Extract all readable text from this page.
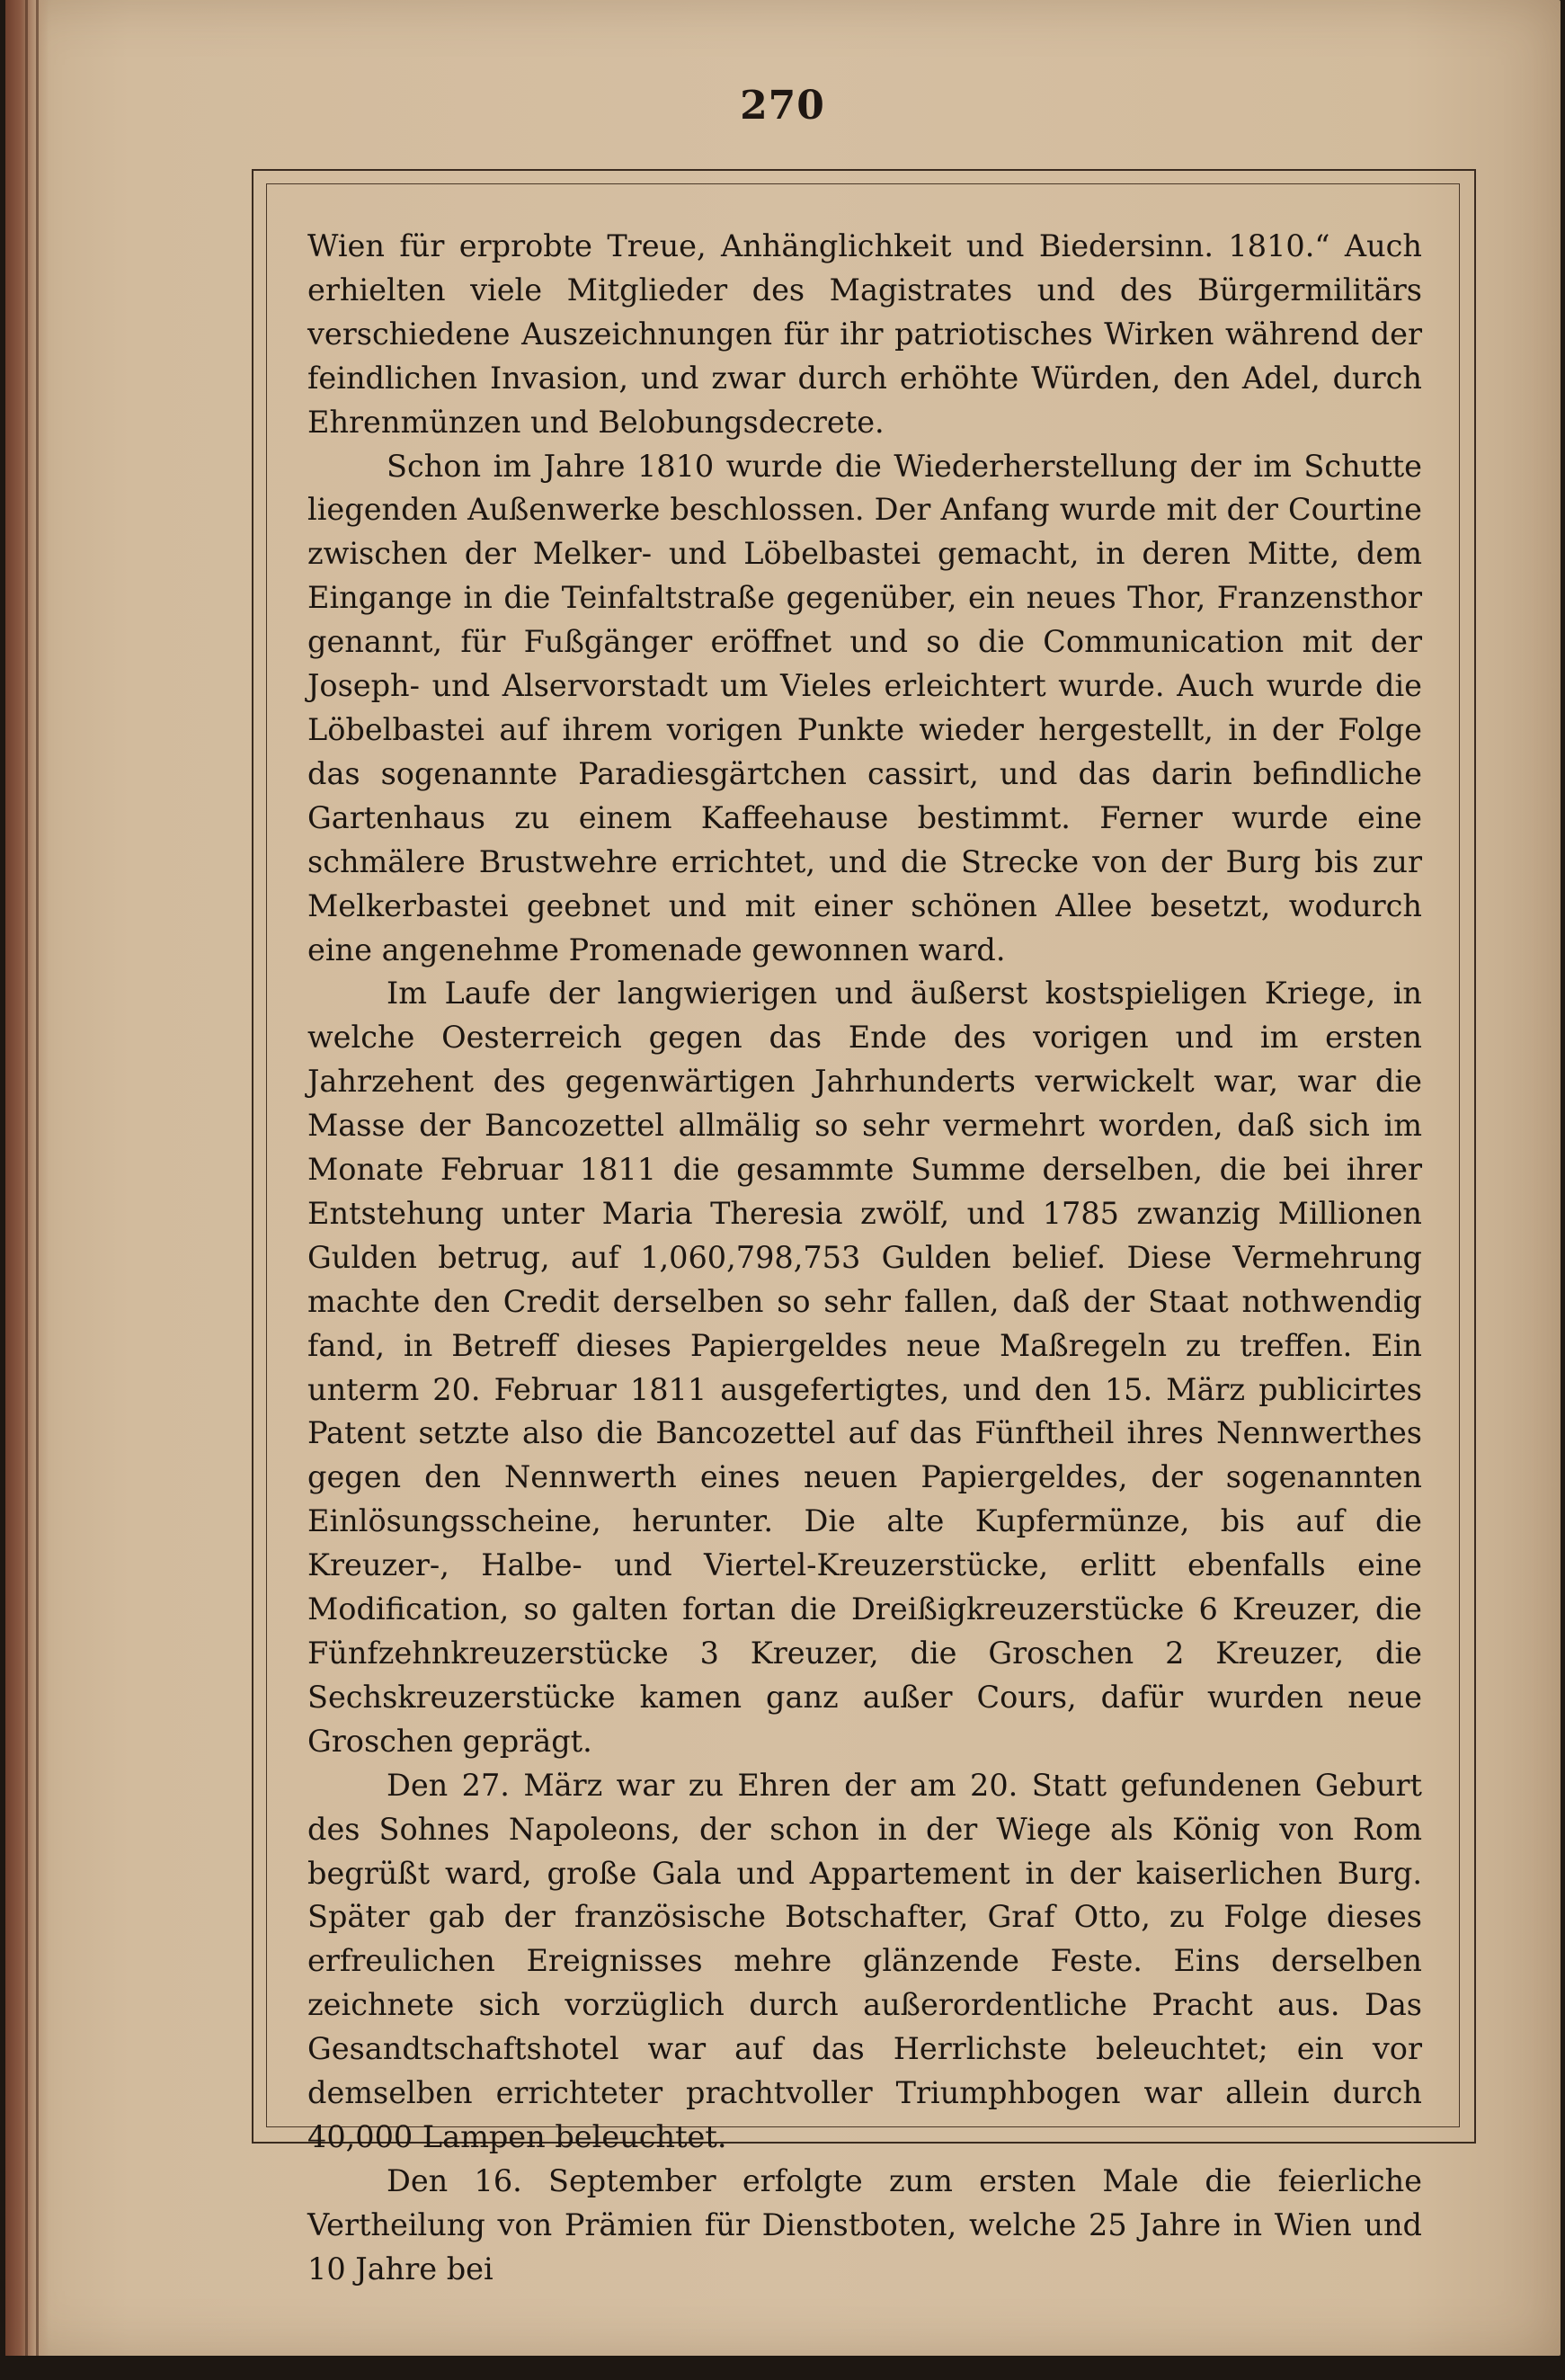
270

Wien für erprobte Treue, Anhänglichkeit und Biedersinn. 1810.“ Auch erhielten viele Mitglieder des Magistrates und des Bürgermilitärs verschiedene Auszeichnungen für ihr patriotisches Wirken während der feindlichen Invasion, und zwar durch erhöhte Würden, den Adel, durch Ehrenmünzen und Belobungsdecrete.

Schon im Jahre 1810 wurde die Wiederherstellung der im Schutte liegenden Außenwerke beschlossen. Der Anfang wurde mit der Courtine zwischen der Melker- und Löbelbastei gemacht, in deren Mitte, dem Eingange in die Teinfaltstraße gegenüber, ein neues Thor, Franzensthor genannt, für Fußgänger eröffnet und so die Communication mit der Joseph- und Alservorstadt um Vieles erleichtert wurde. Auch wurde die Löbelbastei auf ihrem vorigen Punkte wieder hergestellt, in der Folge das sogenannte Paradiesgärtchen cassirt, und das darin befindliche Gartenhaus zu einem Kaffeehause bestimmt. Ferner wurde eine schmälere Brustwehre errichtet, und die Strecke von der Burg bis zur Melkerbastei geebnet und mit einer schönen Allee besetzt, wodurch eine angenehme Promenade gewonnen ward.

Im Laufe der langwierigen und äußerst kostspieligen Kriege, in welche Oesterreich gegen das Ende des vorigen und im ersten Jahrzehent des gegenwärtigen Jahrhunderts verwickelt war, war die Masse der Bancozettel allmälig so sehr vermehrt worden, daß sich im Monate Februar 1811 die gesammte Summe derselben, die bei ihrer Entstehung unter Maria Theresia zwölf, und 1785 zwanzig Millionen Gulden betrug, auf 1,060,798,753 Gulden belief. Diese Vermehrung machte den Credit derselben so sehr fallen, daß der Staat nothwendig fand, in Betreff dieses Papiergeldes neue Maßregeln zu treffen. Ein unterm 20. Februar 1811 ausgefertigtes, und den 15. März publicirtes Patent setzte also die Bancozettel auf das Fünftheil ihres Nennwerthes gegen den Nennwerth eines neuen Papiergeldes, der sogenannten Einlösungsscheine, herunter. Die alte Kupfermünze, bis auf die Kreuzer-, Halbe- und Viertel-Kreuzerstücke, erlitt ebenfalls eine Modification, so galten fortan die Dreißigkreuzerstücke 6 Kreuzer, die Fünfzehnkreuzerstücke 3 Kreuzer, die Groschen 2 Kreuzer, die Sechskreuzerstücke kamen ganz außer Cours, dafür wurden neue Groschen geprägt.

Den 27. März war zu Ehren der am 20. Statt gefundenen Geburt des Sohnes Napoleons, der schon in der Wiege als König von Rom begrüßt ward, große Gala und Appartement in der kaiserlichen Burg. Später gab der französische Botschafter, Graf Otto, zu Folge dieses erfreulichen Ereignisses mehre glänzende Feste. Eins derselben zeichnete sich vorzüglich durch außerordentliche Pracht aus. Das Gesandtschaftshotel war auf das Herrlichste beleuchtet; ein vor demselben errichteter prachtvoller Triumphbogen war allein durch 40,000 Lampen beleuchtet.

Den 16. September erfolgte zum ersten Male die feierliche Vertheilung von Prämien für Dienstboten, welche 25 Jahre in Wien und 10 Jahre bei
